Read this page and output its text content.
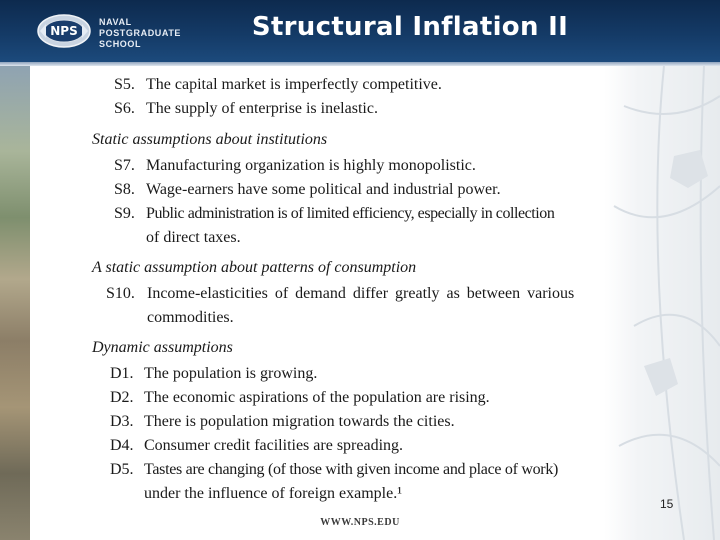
NPS
NAVAL
POSTGRADUATE
SCHOOL
Structural Inflation II
S5. The capital market is imperfectly competitive.
S6. The supply of enterprise is inelastic.
Static assumptions about institutions
S7. Manufacturing organization is highly monopolistic.
S8. Wage-earners have some political and industrial power.
S9. Public administration is of limited efficiency, especially in collection
of direct taxes.
A static assumption about patterns of consumption
S10. Income-elasticities of demand differ greatly as between various
commodities.
Dynamic assumptions
D1. The population is growing.
D2. The economic aspirations of the population are rising.
D3. There is population migration towards the cities.
D4. Consumer credit facilities are spreading.
D5. Tastes are changing (of those with given income and place of work)
under the influence of foreign example.¹
15
WWW.NPS.EDU
